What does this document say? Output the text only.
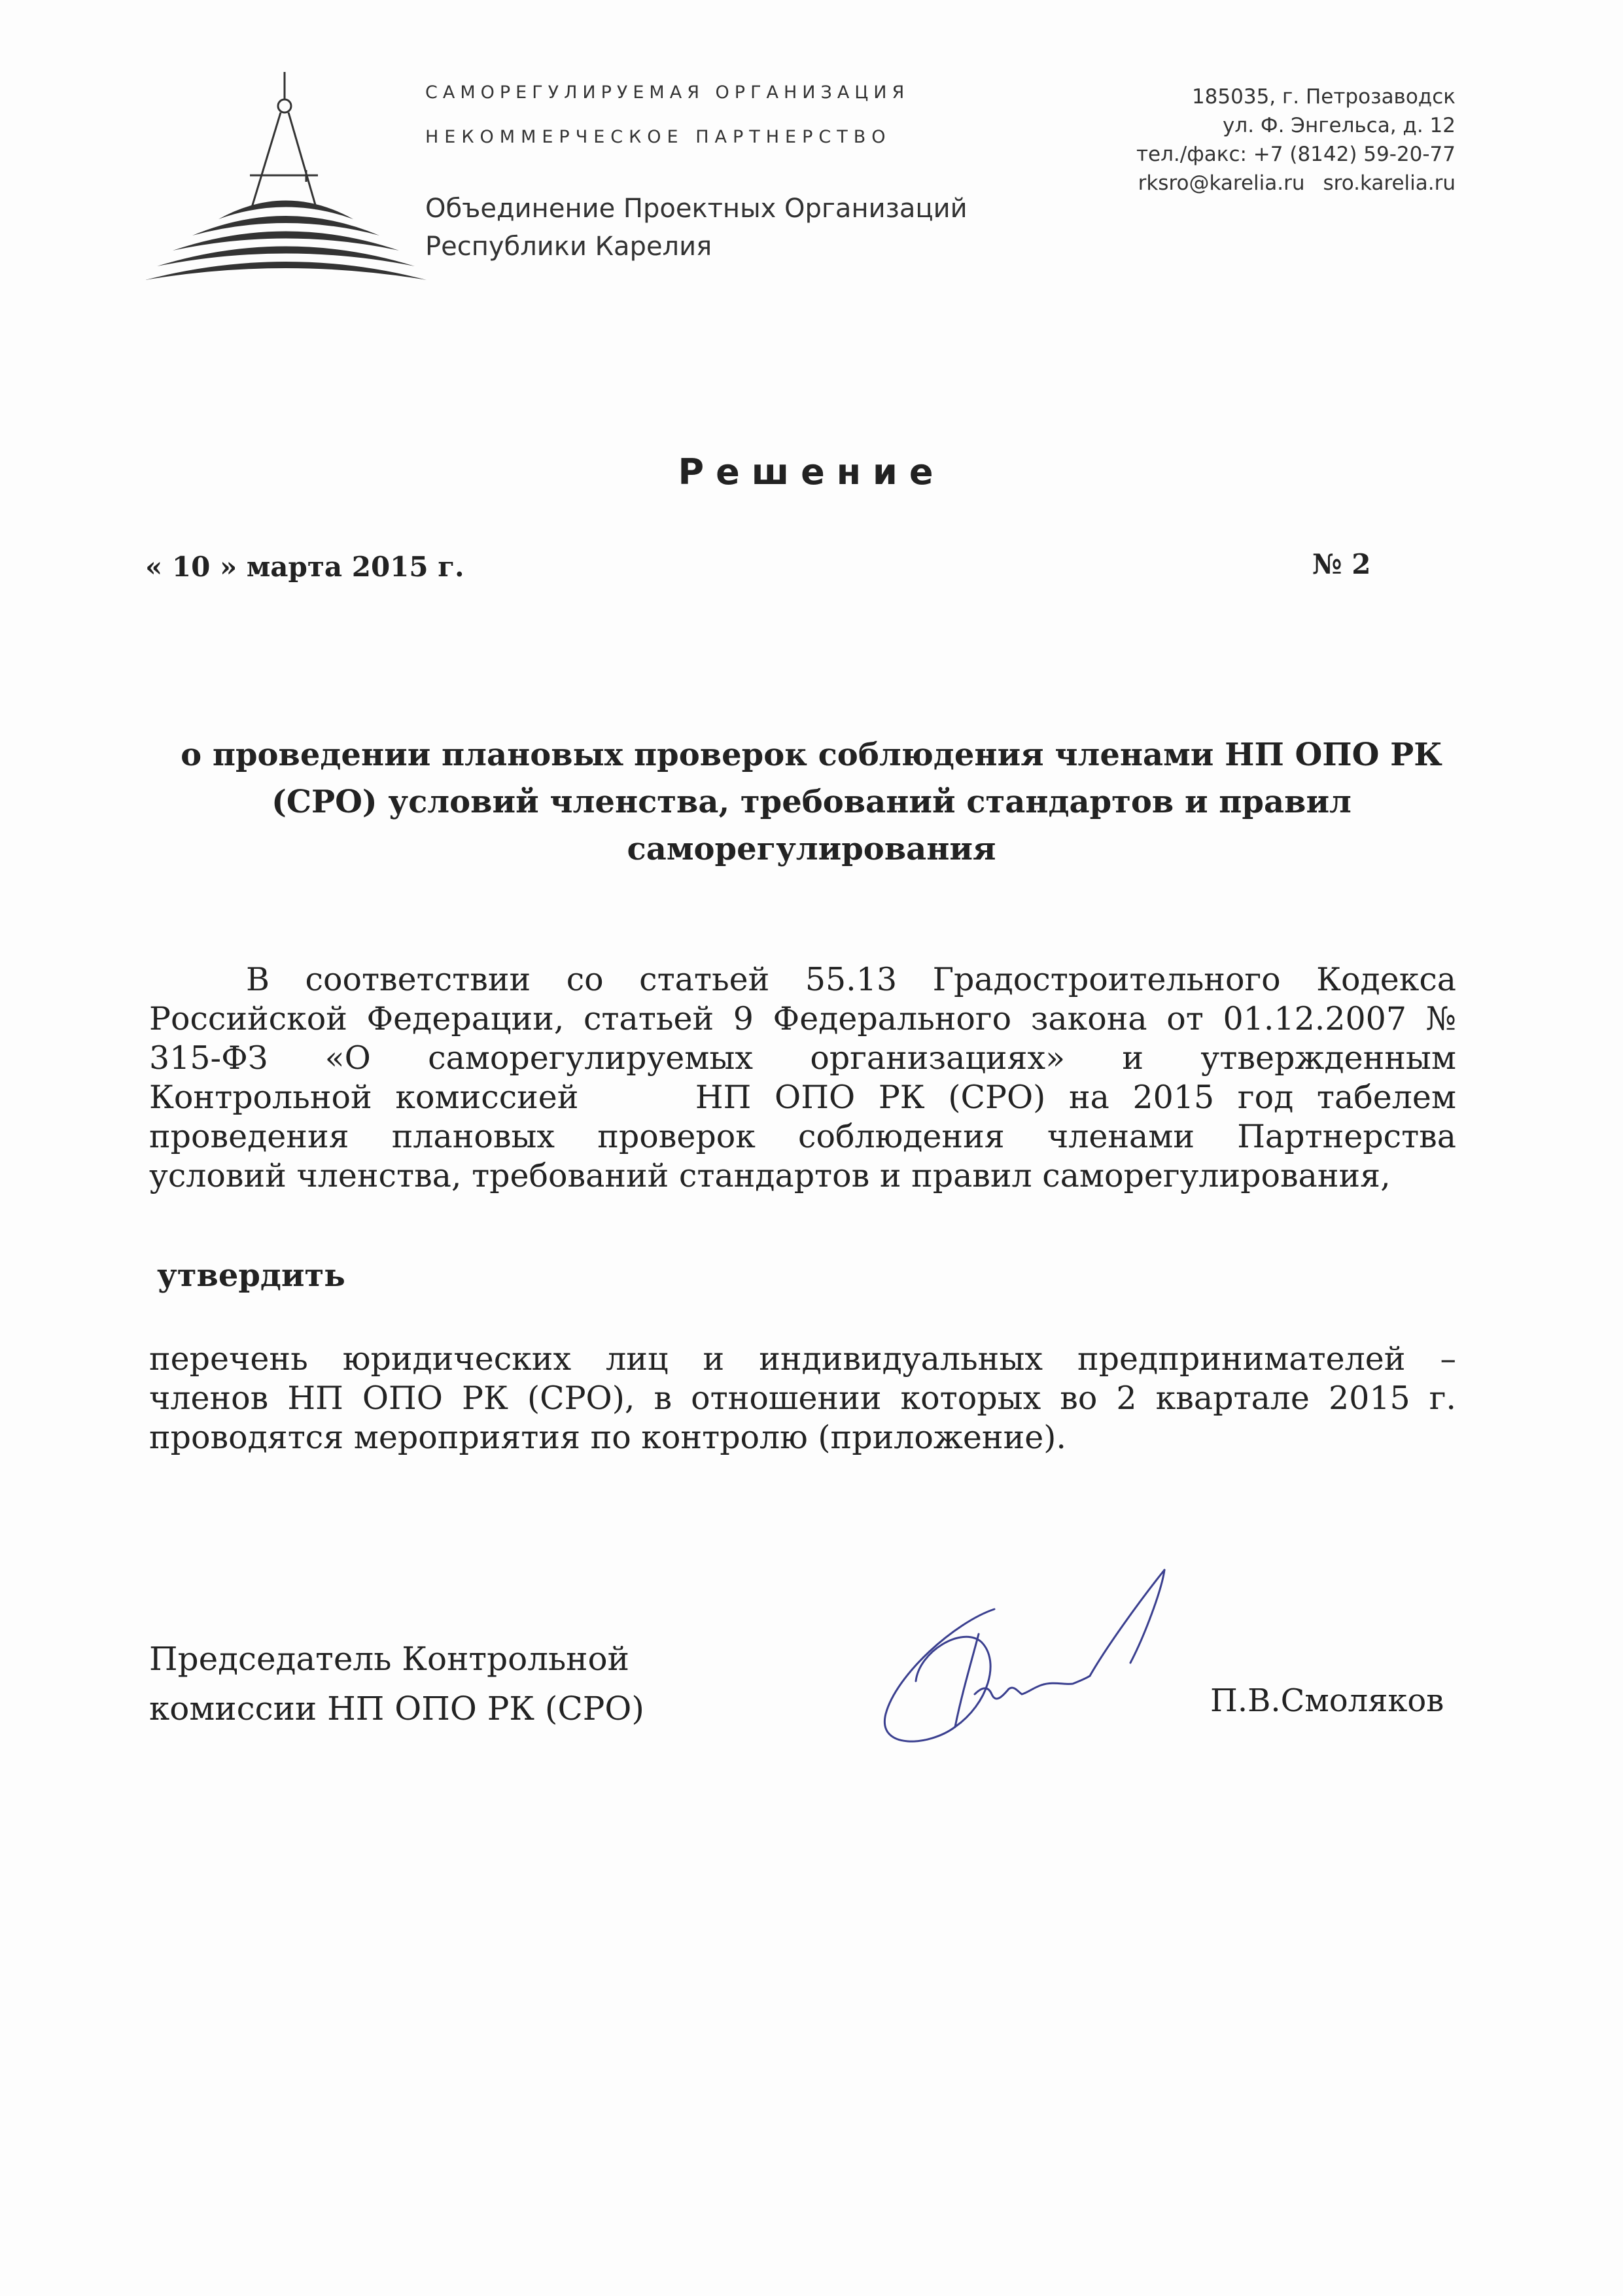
САМОРЕГУЛИРУЕМАЯ ОРГАНИЗАЦИЯ
НЕКОММЕРЧЕСКОЕ ПАРТНЕРСТВО
Объединение Проектных Организаций
Республики Карелия
185035, г. Петрозаводск
ул. Ф. Энгельса, д. 12
тел./факс: +7 (8142) 59-20-77
rksro@karelia.ru sro.karelia.ru
Решение
« 10 » марта 2015 г.	№ 2
о проведении плановых проверок соблюдения членами НП ОПО РК
(СРО) условий членства, требований стандартов и правил
саморегулирования
В соответствии со статьей 55.13 Градостроительного Кодекса
Российской Федерации, статьей 9 Федерального закона от 01.12.2007 №
315-ФЗ «О саморегулируемых организациях» и утвержденным
Контрольной комиссией     НП ОПО РК (СРО) на 2015 год табелем
проведения плановых проверок соблюдения членами Партнерства
условий членства, требований стандартов и правил саморегулирования,
утвердить
перечень юридических лиц и индивидуальных предпринимателей –
членов НП ОПО РК (СРО), в отношении которых во 2 квартале 2015 г.
проводятся мероприятия по контролю (приложение).
Председатель Контрольной
комиссии НП ОПО РК (СРО)	П.В.Смоляков
